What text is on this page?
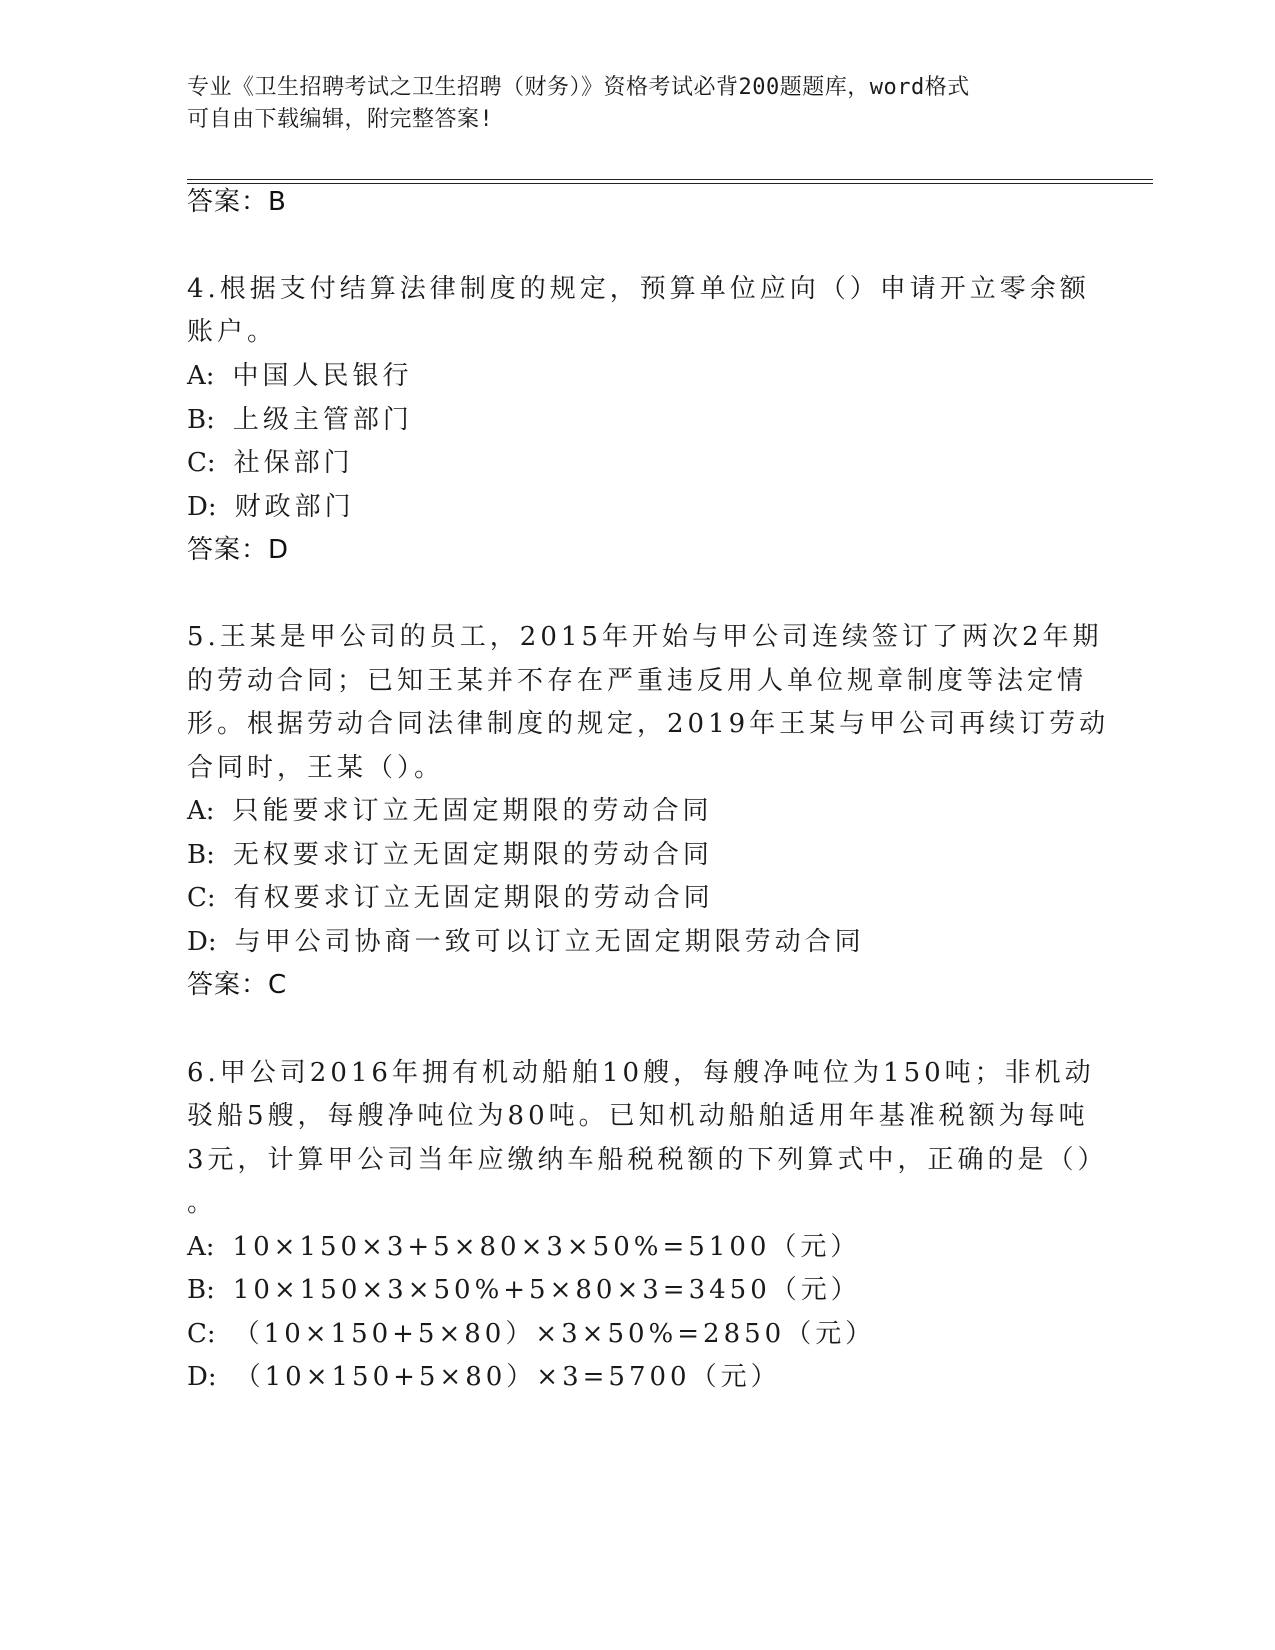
专业《卫生招聘考试之卫生招聘（财务）》资格考试必背200题题库，word格式
可自由下载编辑，附完整答案!
答案：B
4.根据支付结算法律制度的规定，预算单位应向（）申请开立零余额
账户。
A: 中国人民银行
B: 上级主管部门
C: 社保部门
D: 财政部门
答案：D
5.王某是甲公司的员工，2015年开始与甲公司连续签订了两次2年期
的劳动合同；已知王某并不存在严重违反用人单位规章制度等法定情
形。根据劳动合同法律制度的规定，2019年王某与甲公司再续订劳动
合同时，王某（）。
A: 只能要求订立无固定期限的劳动合同
B: 无权要求订立无固定期限的劳动合同
C: 有权要求订立无固定期限的劳动合同
D: 与甲公司协商一致可以订立无固定期限劳动合同
答案：C
6.甲公司2016年拥有机动船舶10艘，每艘净吨位为150吨；非机动
驳船5艘，每艘净吨位为80吨。已知机动船舶适用年基准税额为每吨
3元，计算甲公司当年应缴纳车船税税额的下列算式中，正确的是（）
。
A: 10×150×3+5×80×3×50%=5100（元）
B: 10×150×3×50%+5×80×3=3450（元）
C: （10×150+5×80）×3×50%=2850（元）
D: （10×150+5×80）×3=5700（元）
